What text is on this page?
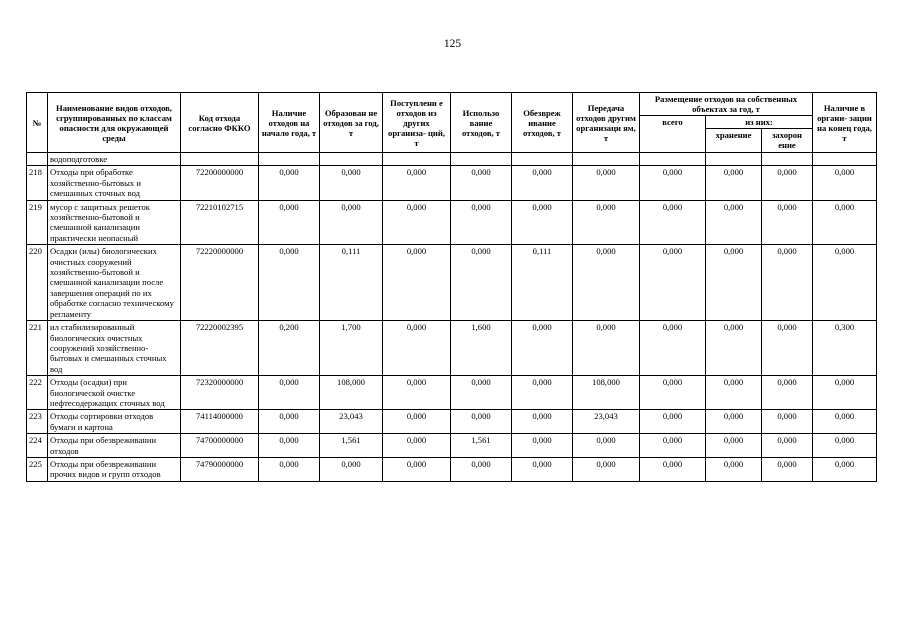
125
№	Наименование видов отходов, сгруппированных по классам опасности для окружающей среды	Код отхода согласно ФККО	Наличие отходов на начало года, т	Образован не отходов за год, т	Поступлени е отходов из других организа- ций, т	Использо вание отходов, т	Обезвреж ивание отходов, т	Передача отходов другим организаци ям, т	Размещение отходов на собственных объектах за год, т			Наличие в органи- зации на конец года, т
									всего	из них:		
										хранение	захорон ение	
	водоподготовке											
218	Отходы при обработке хозяйственно-бытовых и смешанных сточных вод	72200000000	0,000	0,000	0,000	0,000	0,000	0,000	0,000	0,000	0,000	0,000
219	мусор с защитных решеток хозяйственно-бытовой и смешанной канализации практически неопасный	72210102715	0,000	0,000	0,000	0,000	0,000	0,000	0,000	0,000	0,000	0,000
220	Осадки (илы) биологических очистных сооружений хозяйственно-бытовой и смешанной канализации после завершения операций по их обработке согласно техническому регламенту	72220000000	0,000	0,111	0,000	0,000	0,111	0,000	0,000	0,000	0,000	0,000
221	ил стабилизированный биологических очистных сооружений хозяйственно-бытовых и смешанных сточных вод	72220002395	0,200	1,700	0,000	1,600	0,000	0,000	0,000	0,000	0,000	0,300
222	Отходы (осадки) при биологической очистке нефтесодержащих сточных вод	72320000000	0,000	108,000	0,000	0,000	0,000	108,000	0,000	0,000	0,000	0,000
223	Отходы сортировки отходов бумаги и картона	74114000000	0,000	23,043	0,000	0,000	0,000	23,043	0,000	0,000	0,000	0,000
224	Отходы при обезвреживании отходов	74700000000	0,000	1,561	0,000	1,561	0,000	0,000	0,000	0,000	0,000	0,000
225	Отходы при обезвреживании прочих видов и групп отходов	74790000000	0,000	0,000	0,000	0,000	0,000	0,000	0,000	0,000	0,000	0,000
